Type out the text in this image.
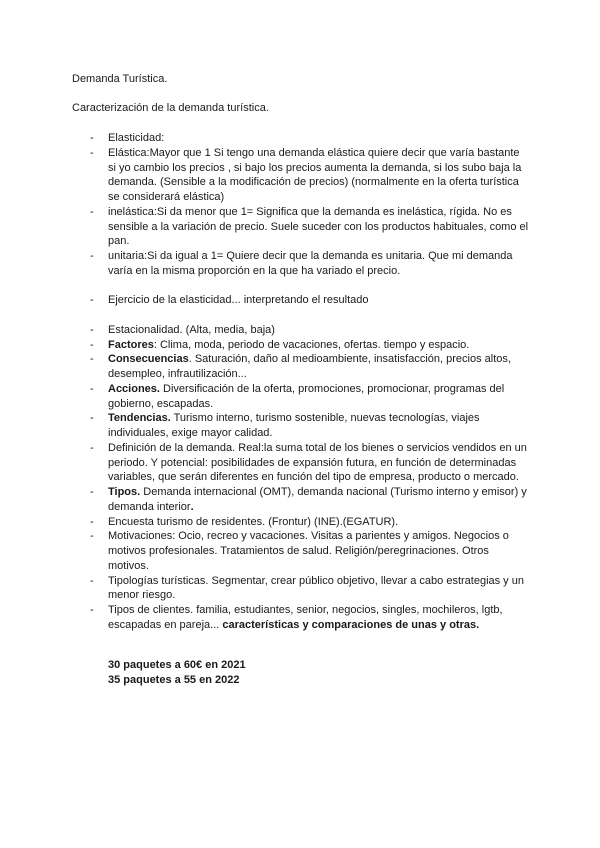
Demanda Turística.
Caracterización de la demanda turística.
- Elasticidad:
- Elástica:Mayor que 1 Si tengo una demanda elástica quiere decir que varía bastante si yo cambio los precios , si bajo los precios aumenta la demanda, si los subo baja la demanda. (Sensible a la modificación de precios) (normalmente en la oferta turística se considerará elástica)
- inelástica:Si da menor que 1= Significa que la demanda es inelástica, rígida. No es sensible a la variación de precio. Suele suceder con los productos habituales, como el pan.
- unitaria:Si da igual a 1= Quiere decir que la demanda es unitaria. Que mi demanda varía en la misma proporción en la que ha variado el precio.
- Ejercicio de la elasticidad... interpretando el resultado
- Estacionalidad. (Alta, media, baja)
- Factores: Clima, moda, periodo de vacaciones, ofertas. tiempo y espacio.
- Consecuencias. Saturación, daño al medioambiente, insatisfacción, precios altos, desempleo, infrautilización...
- Acciones. Diversificación de la oferta, promociones, promocionar, programas del gobierno, escapadas.
- Tendencias. Turismo interno, turismo sostenible, nuevas tecnologías, viajes individuales, exige mayor calidad.
- Definición de la demanda. Real:la suma total de los bienes o servicios vendidos en un periodo. Y potencial: posibilidades de expansión futura, en función de determinadas variables, que serán diferentes en función del tipo de empresa, producto o mercado.
- Tipos. Demanda internacional (OMT), demanda nacional (Turismo interno y emisor) y demanda interior.
- Encuesta turismo de residentes. (Frontur) (INE).(EGATUR).
- Motivaciones: Ocio, recreo y vacaciones. Visitas a parientes y amigos. Negocios o motivos profesionales. Tratamientos de salud. Religión/peregrinaciones. Otros motivos.
- Tipologías turísticas. Segmentar, crear público objetivo, llevar a cabo estrategias y un menor riesgo.
- Tipos de clientes. familia, estudiantes, senior, negocios, singles, mochileros, lgtb, escapadas en pareja... características y comparaciones de unas y otras.
30 paquetes a 60€ en 2021
35 paquetes a 55 en 2022
